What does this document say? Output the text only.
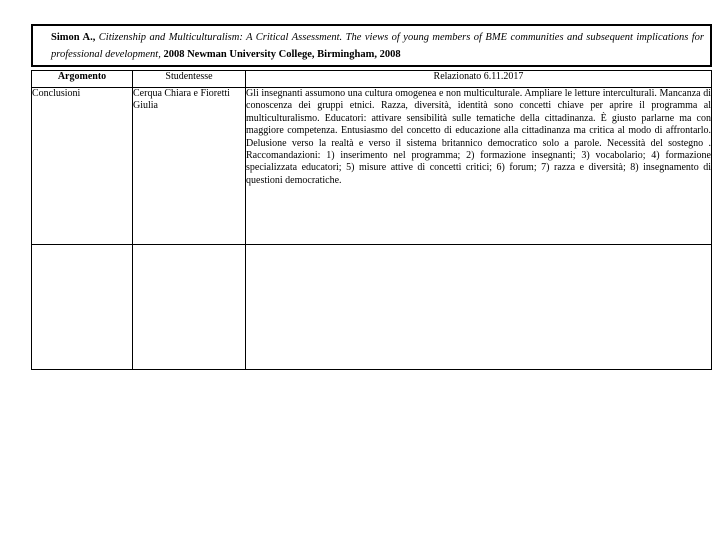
Simon A., Citizenship and Multiculturalism: A Critical Assessment. The views of young members of BME communities and subsequent implications for professional development, 2008 Newman University College, Birmingham, 2008
Argomento	Studentesse	Relazionato 6.11.2017
Conclusioni	Cerqua Chiara e Fioretti Giulia	Gli insegnanti assumono una cultura omogenea e non multiculturale. Ampliare le letture interculturali. Mancanza di conoscenza dei gruppi etnici. Razza, diversità, identità sono concetti chiave per aprire il programma al multiculturalismo. Educatori: attivare sensibilità sulle tematiche della cittadinanza. È giusto parlarne ma con maggiore competenza. Entusiasmo del concetto di educazione alla cittadinanza ma critica al modo di affrontarlo. Delusione verso la realtà e verso il sistema britannico democratico solo a parole. Necessità del sostegno . Raccomandazioni: 1) inserimento nel programma; 2) formazione insegnanti; 3) vocabolario; 4) formazione specializzata educatori; 5) misure attive di concetti critici; 6) forum; 7) razza e diversità; 8) insegnamento di questioni democratiche.
